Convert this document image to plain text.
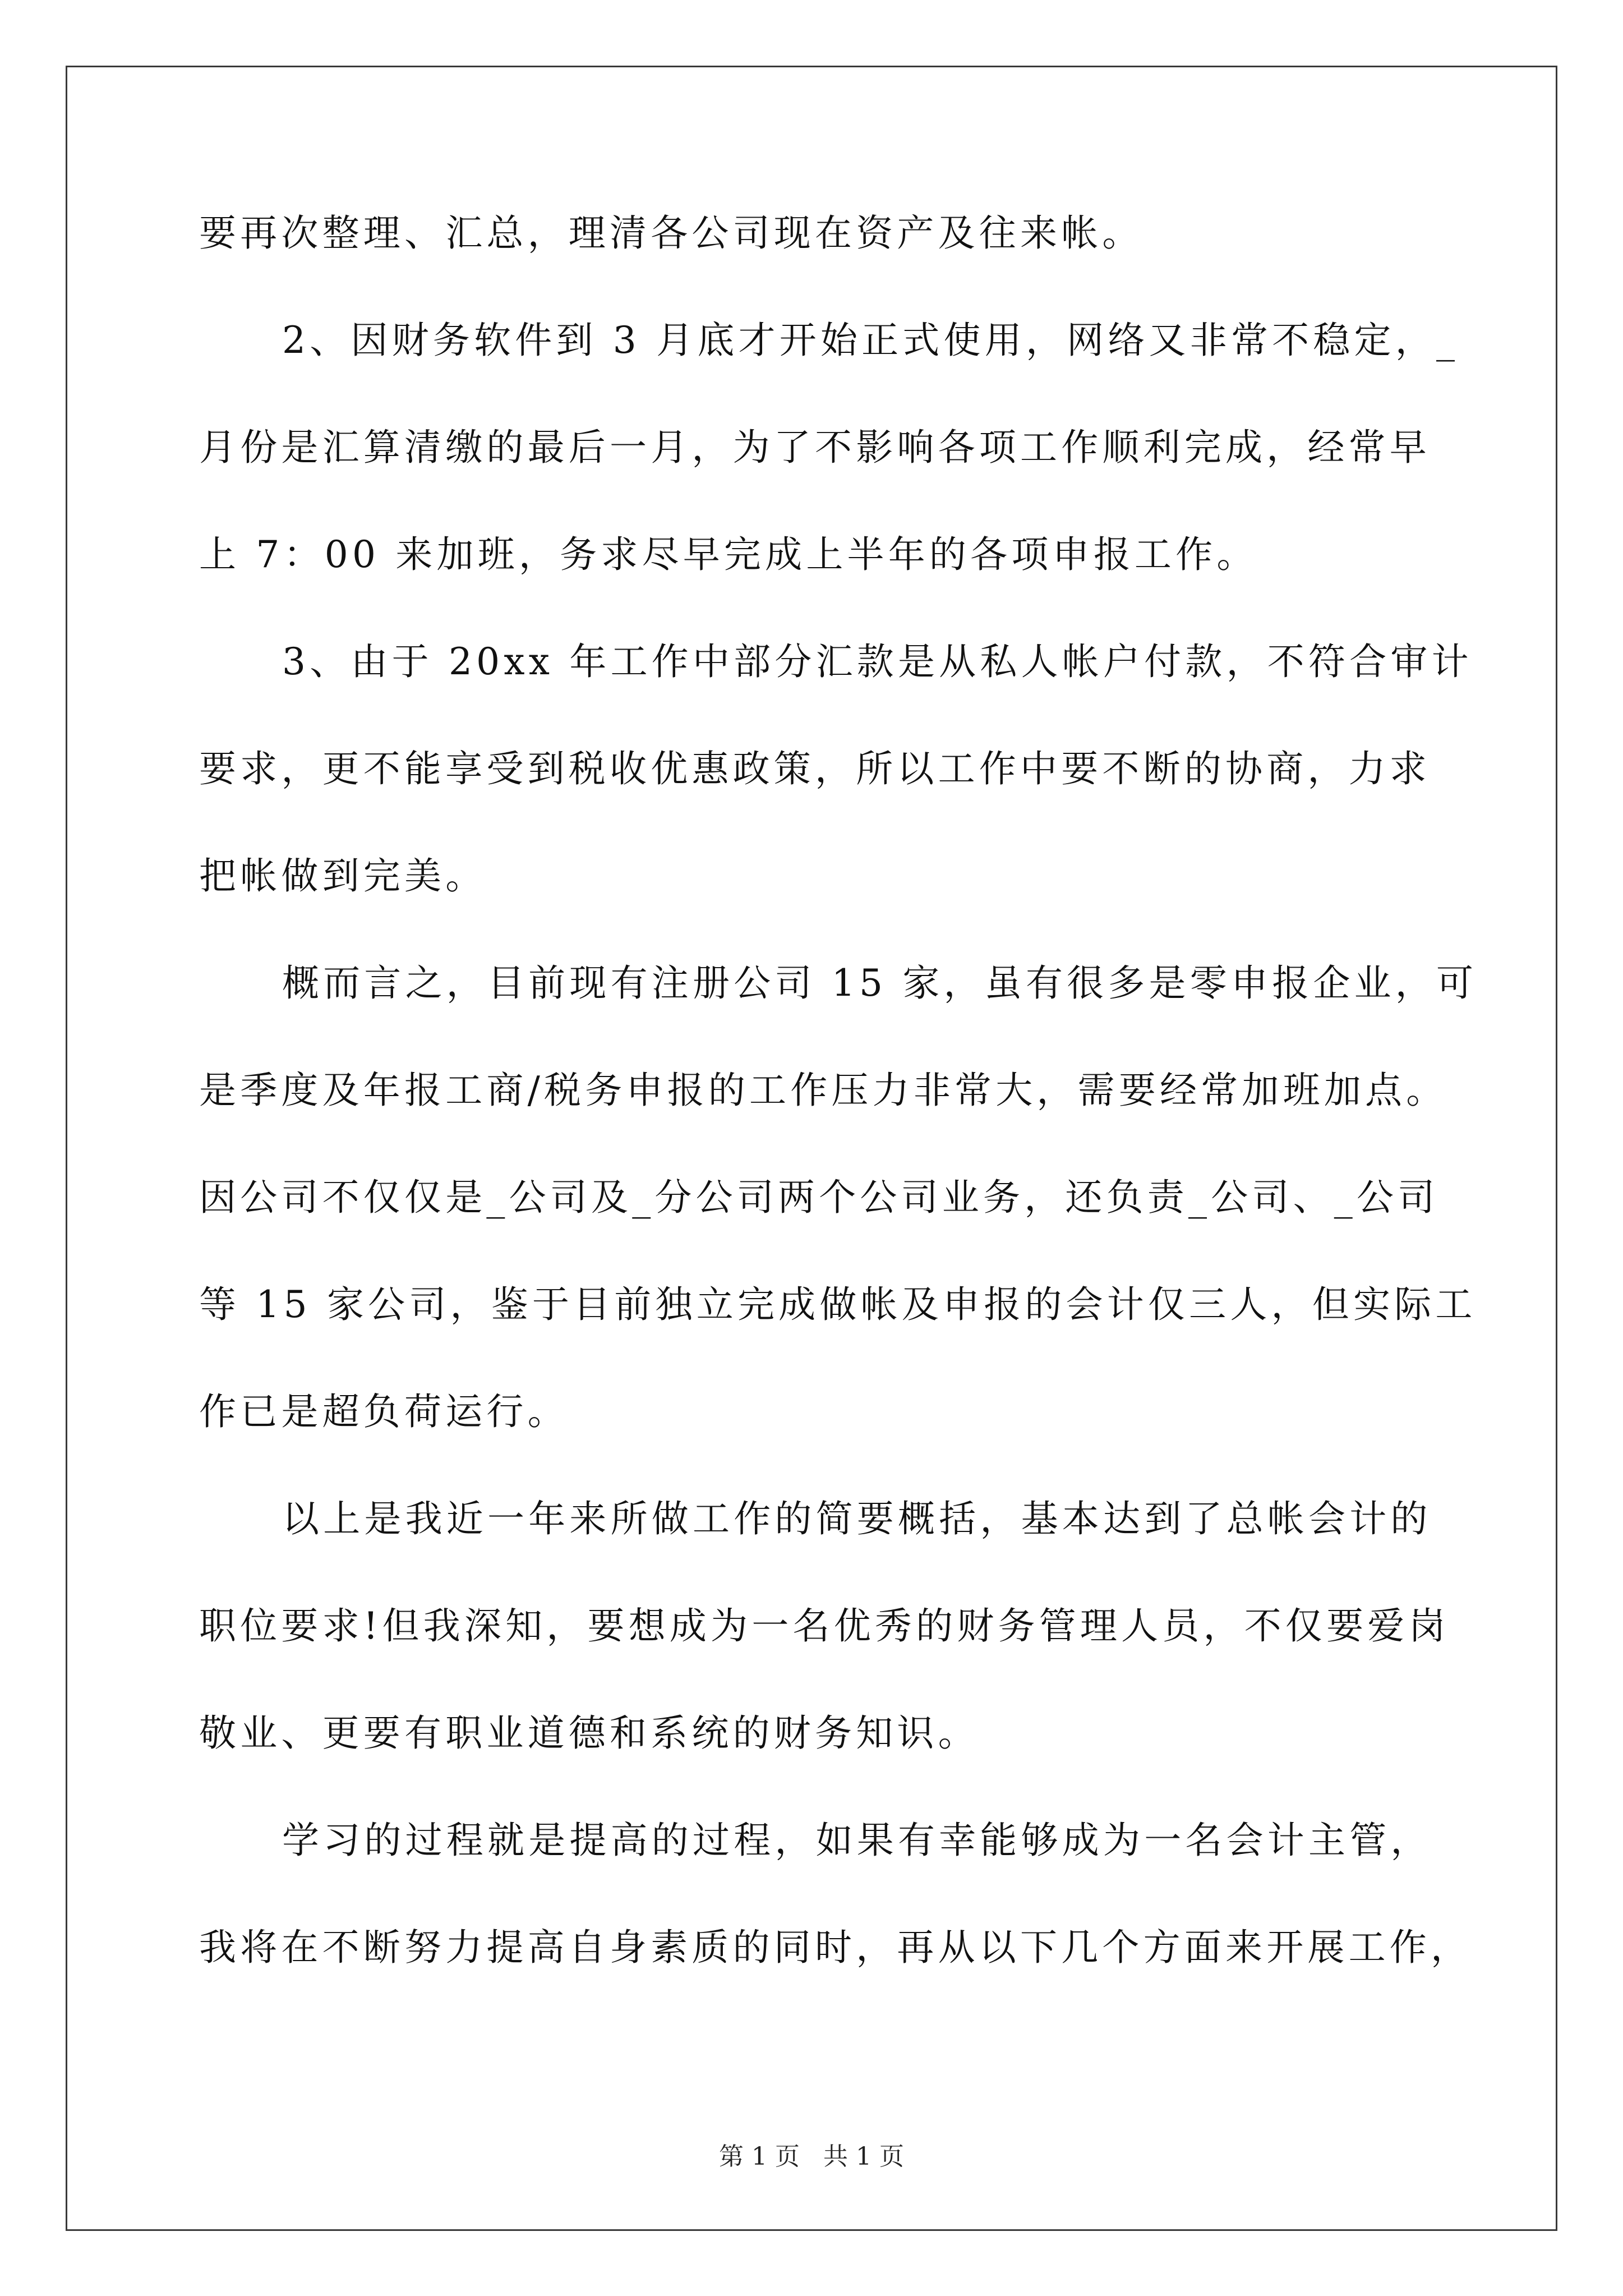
要再次整理、汇总，理清各公司现在资产及往来帐。
2、因财务软件到 3 月底才开始正式使用，网络又非常不稳定，_
月份是汇算清缴的最后一月，为了不影响各项工作顺利完成，经常早
上 7：00 来加班，务求尽早完成上半年的各项申报工作。
3、由于 20xx 年工作中部分汇款是从私人帐户付款，不符合审计
要求，更不能享受到税收优惠政策，所以工作中要不断的协商，力求
把帐做到完美。
概而言之，目前现有注册公司 15 家，虽有很多是零申报企业，可
是季度及年报工商/税务申报的工作压力非常大，需要经常加班加点。
因公司不仅仅是_公司及_分公司两个公司业务，还负责_公司、_公司
等 15 家公司，鉴于目前独立完成做帐及申报的会计仅三人，但实际工
作已是超负荷运行。
以上是我近一年来所做工作的简要概括，基本达到了总帐会计的
职位要求!但我深知，要想成为一名优秀的财务管理人员，不仅要爱岗
敬业、更要有职业道德和系统的财务知识。
学习的过程就是提高的过程，如果有幸能够成为一名会计主管，
我将在不断努力提高自身素质的同时，再从以下几个方面来开展工作，
第 1 页   共 1 页
